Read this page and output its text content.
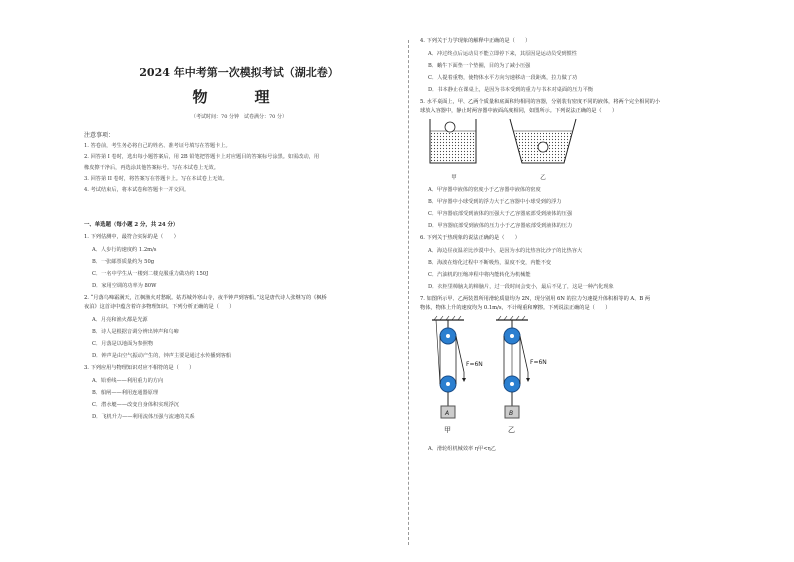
2024 年中考第一次模拟考试（湖北卷）
物　理
（考试时间：70 分钟　试卷满分：70 分）
注意事项：

1. 答卷前，考生务必将自己的姓名、准考证号填写在答题卡上。

2. 回答第 I 卷时，选出每小题答案后，用 2B 铅笔把答题卡上对应题目的答案标号涂黑。如需改动，用

橡皮擦干净后，再选涂其他答案标号。写在本试卷上无效。

3. 回答第 II 卷时，将答案写在答题卡上。写在本试卷上无效。

4. 考试结束后，将本试卷和答题卡一并交回。

一、单选题（每小题 2 分，共 24 分）

1. 下列估测中，最符合实际的是（　　）

A．人步行的速度约 1.2m/s

B．一张邮票质量约为 50g

C．一名中学生从一楼到二楼克服重力做功约 150J

D．家用空调的功率为 80W

2. “月落乌啼霜满天，江枫渔火对愁眠。姑苏城外寒山寺，夜半钟声到客船。”这是唐代诗人张继写的《枫桥

夜泊》这首诗中蕴含着许多物理知识，下列分析正确的是（　　）

A．月亮和渔火都是光源

B．诗人是根据音调分辨出钟声和乌啼

C．月落是以地面为参照物

D．钟声是由空气振动产生的，钟声主要是通过水传播到客船

3. 下列应用与物理知识对应不相符的是（　　）

A．铅垂线——利用重力的方向

B．船闸——利用连通器原理

C．潜水艇——改变自身体积实现浮沉

D．飞机升力——利用流体压强与流速的关系

4. 下列关于力学现象的解释中正确的是（　　）

A．冲过终点后运动员不能立即停下来，其原因是运动员受到惯性

B．蛾牛下面垫一个垫圈，目的为了减小压强

C．人提着重物，使物体水平方向匀速移动一段距离，拉力做了功

D．书本静止在课桌上，是因为书本受到的重力与书本对桌面的压力平衡

5. 水平桌面上，甲、乙两个质量和底面积均相同的容器，分别装有密度不同的液体，将两个完全相同的小

球放入容器中，静止时两容器中液面高度相同，如图所示。下列说法正确的是（　　）

甲	乙

A．甲容器中液体的密度小于乙容器中液体的密度

B．甲容器中小球受到的浮力大于乙容器中小球受到的浮力

C．甲容器底部受到液体的压强大于乙容器底部受到液体的压强

D．甲容器底部受到液体的压力小于乙容器底部受到液体的压力

6. 下列关于热现象的说法正确的是（　　）

A．海边昼夜温差比沙漠中小，是因为水的比热容比沙子的比热容大

B．海波在熔化过程中不断吸热，温度不变，内能不变

C．汽油机的压缩冲程中将内能转化为机械能

D．衣柜里樟脑丸的樟脑片，过一段时间会变小，最后不见了，这是一种汽化现象

7. 如图所示甲、乙两装置所用滑轮质量均为 2N，现分别用 6N 的拉力匀速提升体积相等的 A、B 两

物体，物体上升的速度均为 0.1m/s，不计绳重和摩擦。下列说法正确的是（　　）

F=6N
A
甲
F=6N
B
乙

A．滑轮组机械效率 η甲<η乙
